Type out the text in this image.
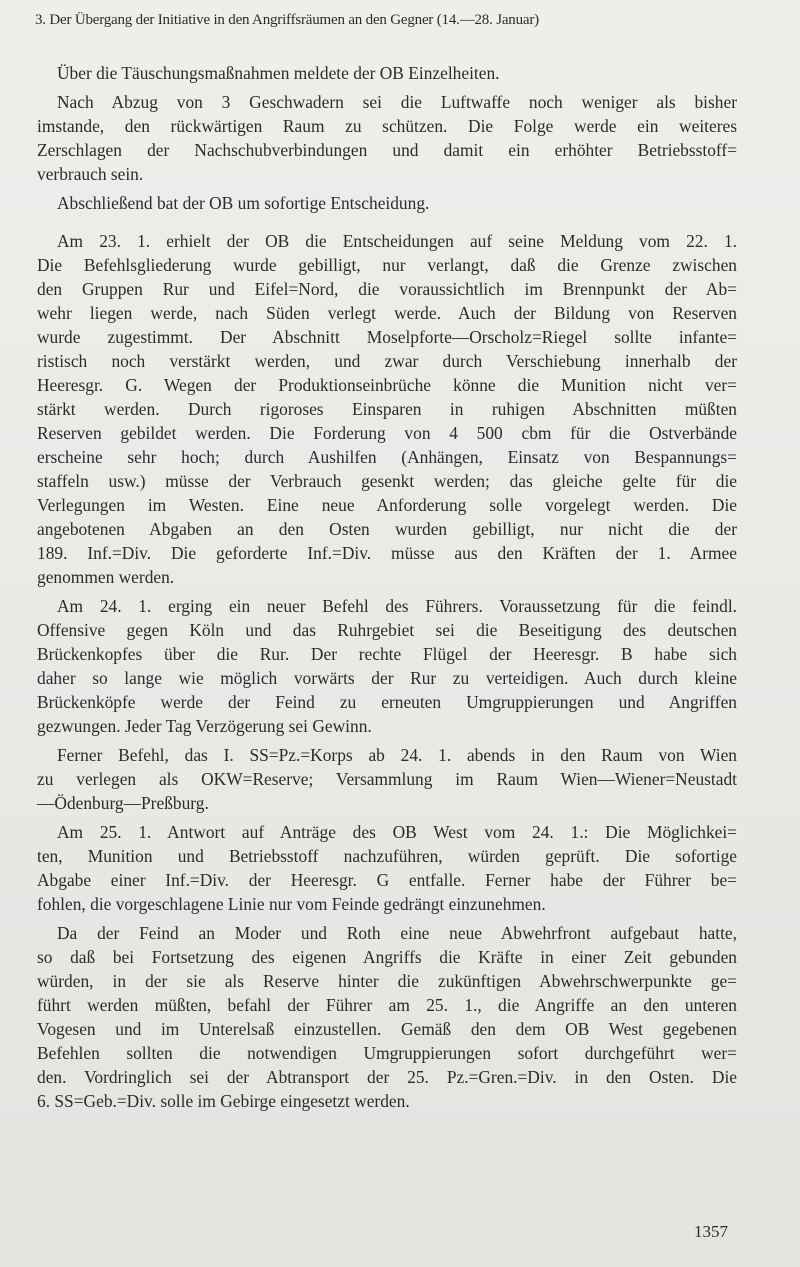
3. Der Übergang der Initiative in den Angriffsräumen an den Gegner (14.—28. Januar)
Über die Täuschungsmaßnahmen meldete der OB Einzelheiten.
Nach Abzug von 3 Geschwadern sei die Luftwaffe noch weniger als bisher
imstande, den rückwärtigen Raum zu schützen. Die Folge werde ein weiteres
Zerschlagen der Nachschubverbindungen und damit ein erhöhter Betriebsstoff=
verbrauch sein.
Abschließend bat der OB um sofortige Entscheidung.
Am 23. 1. erhielt der OB die Entscheidungen auf seine Meldung vom 22. 1.
Die Befehlsgliederung wurde gebilligt, nur verlangt, daß die Grenze zwischen
den Gruppen Rur und Eifel=Nord, die voraussichtlich im Brennpunkt der Ab=
wehr liegen werde, nach Süden verlegt werde. Auch der Bildung von Reserven
wurde zugestimmt. Der Abschnitt Moselpforte—Orscholz=Riegel sollte infante=
ristisch noch verstärkt werden, und zwar durch Verschiebung innerhalb der
Heeresgr. G. Wegen der Produktionseinbrüche könne die Munition nicht ver=
stärkt werden. Durch rigoroses Einsparen in ruhigen Abschnitten müßten
Reserven gebildet werden. Die Forderung von 4 500 cbm für die Ostverbände
erscheine sehr hoch; durch Aushilfen (Anhängen, Einsatz von Bespannungs=
staffeln usw.) müsse der Verbrauch gesenkt werden; das gleiche gelte für die
Verlegungen im Westen. Eine neue Anforderung solle vorgelegt werden. Die
angebotenen Abgaben an den Osten wurden gebilligt, nur nicht die der
189. Inf.=Div. Die geforderte Inf.=Div. müsse aus den Kräften der 1. Armee
genommen werden.
Am 24. 1. erging ein neuer Befehl des Führers. Voraussetzung für die feindl.
Offensive gegen Köln und das Ruhrgebiet sei die Beseitigung des deutschen
Brückenkopfes über die Rur. Der rechte Flügel der Heeresgr. B habe sich
daher so lange wie möglich vorwärts der Rur zu verteidigen. Auch durch kleine
Brückenköpfe werde der Feind zu erneuten Umgruppierungen und Angriffen
gezwungen. Jeder Tag Verzögerung sei Gewinn.
Ferner Befehl, das I. SS=Pz.=Korps ab 24. 1. abends in den Raum von Wien
zu verlegen als OKW=Reserve; Versammlung im Raum Wien—Wiener=Neustadt
—Ödenburg—Preßburg.
Am 25. 1. Antwort auf Anträge des OB West vom 24. 1.: Die Möglichkei=
ten, Munition und Betriebsstoff nachzuführen, würden geprüft. Die sofortige
Abgabe einer Inf.=Div. der Heeresgr. G entfalle. Ferner habe der Führer be=
fohlen, die vorgeschlagene Linie nur vom Feinde gedrängt einzunehmen.
Da der Feind an Moder und Roth eine neue Abwehrfront aufgebaut hatte,
so daß bei Fortsetzung des eigenen Angriffs die Kräfte in einer Zeit gebunden
würden, in der sie als Reserve hinter die zukünftigen Abwehrschwerpunkte ge=
führt werden müßten, befahl der Führer am 25. 1., die Angriffe an den unteren
Vogesen und im Unterelsaß einzustellen. Gemäß den dem OB West gegebenen
Befehlen sollten die notwendigen Umgruppierungen sofort durchgeführt wer=
den. Vordringlich sei der Abtransport der 25. Pz.=Gren.=Div. in den Osten. Die
6. SS=Geb.=Div. solle im Gebirge eingesetzt werden.
1357
